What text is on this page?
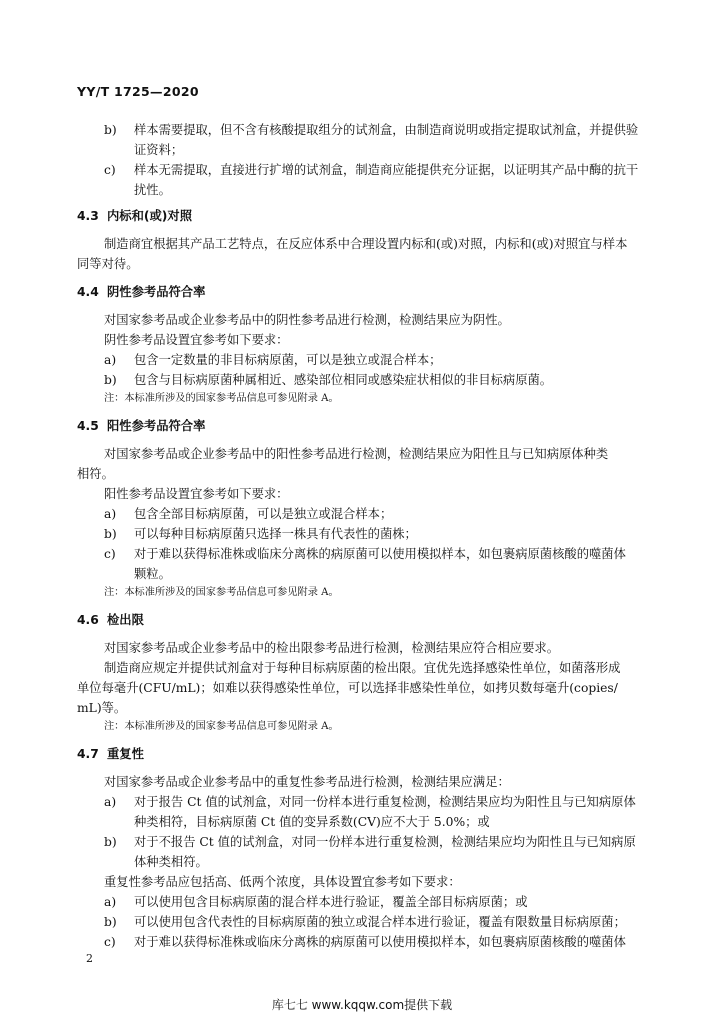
YY/T 1725—2020
b) 样本需要提取，但不含有核酸提取组分的试剂盒，由制造商说明或指定提取试剂盒，并提供验
证资料；
c) 样本无需提取，直接进行扩增的试剂盒，制造商应能提供充分证据，以证明其产品中酶的抗干
扰性。
4.3 内标和(或)对照
制造商宜根据其产品工艺特点，在反应体系中合理设置内标和(或)对照，内标和(或)对照宜与样本
同等对待。
4.4 阴性参考品符合率
对国家参考品或企业参考品中的阴性参考品进行检测，检测结果应为阴性。
阴性参考品设置宜参考如下要求：
a) 包含一定数量的非目标病原菌，可以是独立或混合样本；
b) 包含与目标病原菌种属相近、感染部位相同或感染症状相似的非目标病原菌。
注：本标准所涉及的国家参考品信息可参见附录 A。
4.5 阳性参考品符合率
对国家参考品或企业参考品中的阳性参考品进行检测，检测结果应为阳性且与已知病原体种类
相符。
阳性参考品设置宜参考如下要求：
a) 包含全部目标病原菌，可以是独立或混合样本；
b) 可以每种目标病原菌只选择一株具有代表性的菌株；
c) 对于难以获得标准株或临床分离株的病原菌可以使用模拟样本，如包裹病原菌核酸的噬菌体
颗粒。
注：本标准所涉及的国家参考品信息可参见附录 A。
4.6 检出限
对国家参考品或企业参考品中的检出限参考品进行检测，检测结果应符合相应要求。
制造商应规定并提供试剂盒对于每种目标病原菌的检出限。宜优先选择感染性单位，如菌落形成
单位每毫升(CFU/mL)；如难以获得感染性单位，可以选择非感染性单位，如拷贝数每毫升(copies/
mL)等。
注：本标准所涉及的国家参考品信息可参见附录 A。
4.7 重复性
对国家参考品或企业参考品中的重复性参考品进行检测，检测结果应满足：
a) 对于报告 Ct 值的试剂盒，对同一份样本进行重复检测，检测结果应均为阳性且与已知病原体
种类相符，目标病原菌 Ct 值的变异系数(CV)应不大于 5.0%；或
b) 对于不报告 Ct 值的试剂盒，对同一份样本进行重复检测，检测结果应均为阳性且与已知病原
体种类相符。
重复性参考品应包括高、低两个浓度，具体设置宜参考如下要求：
a) 可以使用包含目标病原菌的混合样本进行验证，覆盖全部目标病原菌；或
b) 可以使用包含代表性的目标病原菌的独立或混合样本进行验证，覆盖有限数量目标病原菌；
c) 对于难以获得标准株或临床分离株的病原菌可以使用模拟样本，如包裹病原菌核酸的噬菌体
2
库七七 www.kqqw.com提供下载
